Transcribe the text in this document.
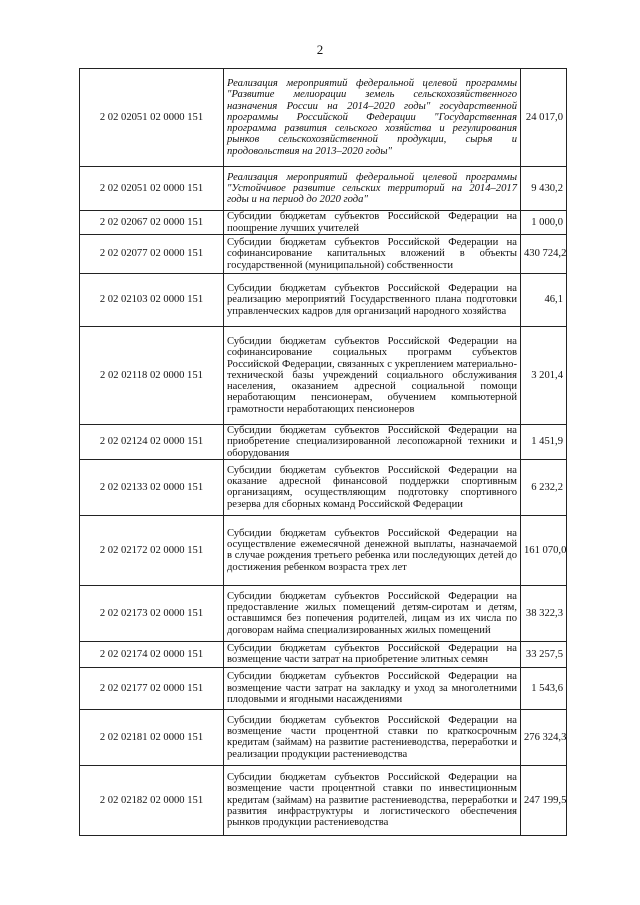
2
2 02 02051 02 0000 151	Реализация мероприятий федеральной целевой программы "Развитие мелиорации земель сельскохозяйственного назначения России на 2014–2020 годы" государственной программы Российской Федерации "Государственная программа развития сельского хозяйства и регулирования рынков сельскохозяйственной продукции, сырья и продовольствия на 2013–2020 годы"	24 017,0
2 02 02051 02 0000 151	Реализация мероприятий федеральной целевой программы "Устойчивое развитие сельских территорий на 2014–2017 годы и на период до 2020 года"	9 430,2
2 02 02067 02 0000 151	Субсидии бюджетам субъектов Российской Федерации на поощрение лучших учителей	1 000,0
2 02 02077 02 0000 151	Субсидии бюджетам субъектов Российской Федерации на софинансирование капитальных вложений в объекты государственной (муниципальной) собственности	430 724,2
2 02 02103 02 0000 151	Субсидии бюджетам субъектов Российской Федерации на реализацию мероприятий Государственного плана подготовки управленческих кадров для организаций народного хозяйства	46,1
2 02 02118 02 0000 151	Субсидии бюджетам субъектов Российской Федерации на софинансирование социальных программ субъектов Российской Федерации, связанных с укреплением материально-технической базы учреждений социального обслуживания населения, оказанием адресной социальной помощи неработающим пенсионерам, обучением компьютерной грамотности неработающих пенсионеров	3 201,4
2 02 02124 02 0000 151	Субсидии бюджетам субъектов Российской Федерации на приобретение специализированной лесопожарной техники и оборудования	1 451,9
2 02 02133 02 0000 151	Субсидии бюджетам субъектов Российской Федерации на оказание адресной финансовой поддержки спортивным организациям, осуществляющим подготовку спортивного резерва для сборных команд Российской Федерации	6 232,2
2 02 02172 02 0000 151	Субсидии бюджетам субъектов Российской Федерации на осуществление ежемесячной денежной выплаты, назначаемой в случае рождения третьего ребенка или последующих детей до достижения ребенком возраста трех лет	161 070,0
2 02 02173 02 0000 151	Субсидии бюджетам субъектов Российской Федерации на предоставление жилых помещений детям-сиротам и детям, оставшимся без попечения родителей, лицам из их числа по договорам найма специализированных жилых помещений	38 322,3
2 02 02174 02 0000 151	Субсидии бюджетам субъектов Российской Федерации на возмещение части затрат на приобретение элитных семян	33 257,5
2 02 02177 02 0000 151	Субсидии бюджетам субъектов Российской Федерации на возмещение части затрат на закладку и уход за многолетними плодовыми и ягодными насаждениями	1 543,6
2 02 02181 02 0000 151	Субсидии бюджетам субъектов Российской Федерации на возмещение части процентной ставки по краткосрочным кредитам (займам) на развитие растениеводства, переработки и реализации продукции растениеводства	276 324,3
2 02 02182 02 0000 151	Субсидии бюджетам субъектов Российской Федерации на возмещение части процентной ставки по инвестиционным кредитам (займам) на развитие растениеводства, переработки и развития инфраструктуры и логистического обеспечения рынков продукции растениеводства	247 199,5
